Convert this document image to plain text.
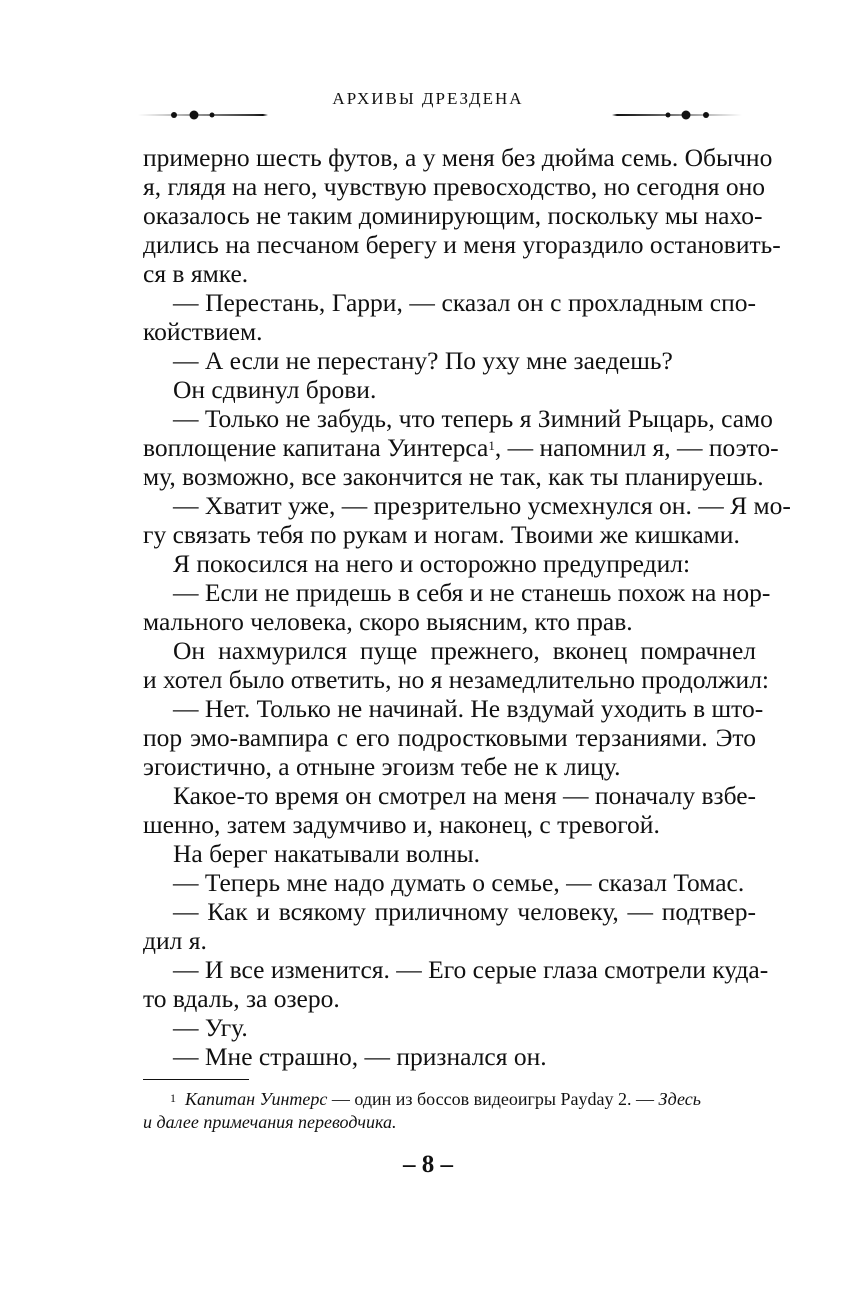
АРХИВЫ ДРЕЗДЕНА
примерно шесть футов, а у меня без дюйма семь. Обычно
я, глядя на него, чувствую превосходство, но сегодня оно
оказалось не таким доминирующим, поскольку мы нахо-
дились на песчаном берегу и меня угораздило остановить-
ся в ямке.
— Перестань, Гарри, — сказал он с прохладным спо-
койствием.
— А если не перестану? По уху мне заедешь?
Он сдвинул брови.
— Только не забудь, что теперь я Зимний Рыцарь, само
воплощение капитана Уинтерса$^1$, — напомнил я, — поэто-
му, возможно, все закончится не так, как ты планируешь.
— Хватит уже, — презрительно усмехнулся он. — Я мо-
гу связать тебя по рукам и ногам. Твоими же кишками.
Я покосился на него и осторожно предупредил:
— Если не придешь в себя и не станешь похож на нор-
мального человека, скоро выясним, кто прав.
Он нахмурился пуще прежнего, вконец помрачнел
и хотел было ответить, но я незамедлительно продолжил:
— Нет. Только не начинай. Не вздумай уходить в што-
пор эмо-вампира с его подростковыми терзаниями. Это
эгоистично, а отныне эгоизм тебе не к лицу.
Какое-то время он смотрел на меня — поначалу взбе-
шенно, затем задумчиво и, наконец, с тревогой.
На берег накатывали волны.
— Теперь мне надо думать о семье, — сказал Томас.
— Как и всякому приличному человеку, — подтвер-
дил я.
— И все изменится. — Его серые глаза смотрели куда-
то вдаль, за озеро.
— Угу.
— Мне страшно, — признался он.
$^1$ Капитан Уинтерс — один из боссов видеоигры Payday 2. — Здесь
и далее примечания переводчика.
– 8 –
